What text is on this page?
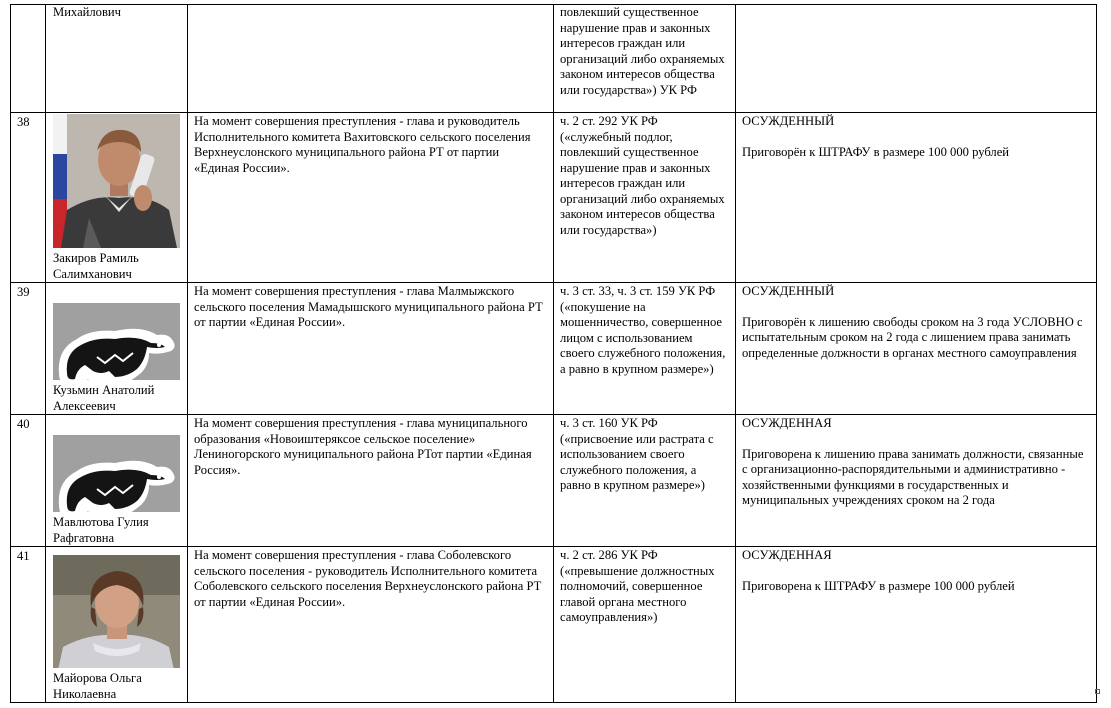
	Михайлович		повлекший существенное нарушение прав и законных интересов граждан или организаций либо охраняемых законом интересов общества или государства») УК РФ	

38	Закиров Рамиль Салимханович	На момент совершения преступления - глава и руководитель Исполнительного комитета Вахитовского сельского поселения Верхнеуслонского муниципального района РТ от партии «Единая России».	ч. 2 ст. 292 УК РФ («служебный подлог, повлекший существенное нарушение прав и законных интересов граждан или организаций либо охраняемых законом интересов общества или государства»)	ОСУЖДЕННЫЙ
Приговорён к ШТРАФУ в размере 100 000 рублей

39	Кузьмин Анатолий Алексеевич	На момент совершения преступления - глава Малмыжского сельского поселения Мамадышского муниципального района РТ от партии «Единая России».	ч. 3 ст. 33, ч. 3 ст. 159 УК РФ («покушение на мошенничество, совершенное лицом с использованием своего служебного положения, а равно в крупном размере»)	ОСУЖДЕННЫЙ
Приговорён к лишению свободы сроком на 3 года УСЛОВНО с испытательным сроком на 2 года с лишением права занимать определенные должности в органах местного самоуправления

40	Мавлютова Гулия Рафгатовна	На момент совершения преступления - глава муниципального образования «Новоиштеряксое сельское поселение» Лениногорского муниципального района РТот партии «Единая Россия».	ч. 3 ст. 160 УК РФ («присвоение или растрата с использованием своего служебного положения, а равно в крупном размере»)	ОСУЖДЕННАЯ
Приговорена к лишению права занимать должности, связанные с организационно-распорядительными и административно - хозяйственными функциями в государственных и муниципальных учреждениях сроком на 2 года

41	Майорова Ольга Николаевна	На момент совершения преступления - глава Соболевского сельского поселения - руководитель Исполнительного комитета Соболевского сельского поселения Верхнеуслонского района РТ от партии «Единая России».	ч. 2 ст. 286 УК РФ («превышение должностных полномочий, совершенное главой органа местного самоуправления»)	ОСУЖДЕННАЯ
Приговорена к ШТРАФУ в размере 100 000 рублей
